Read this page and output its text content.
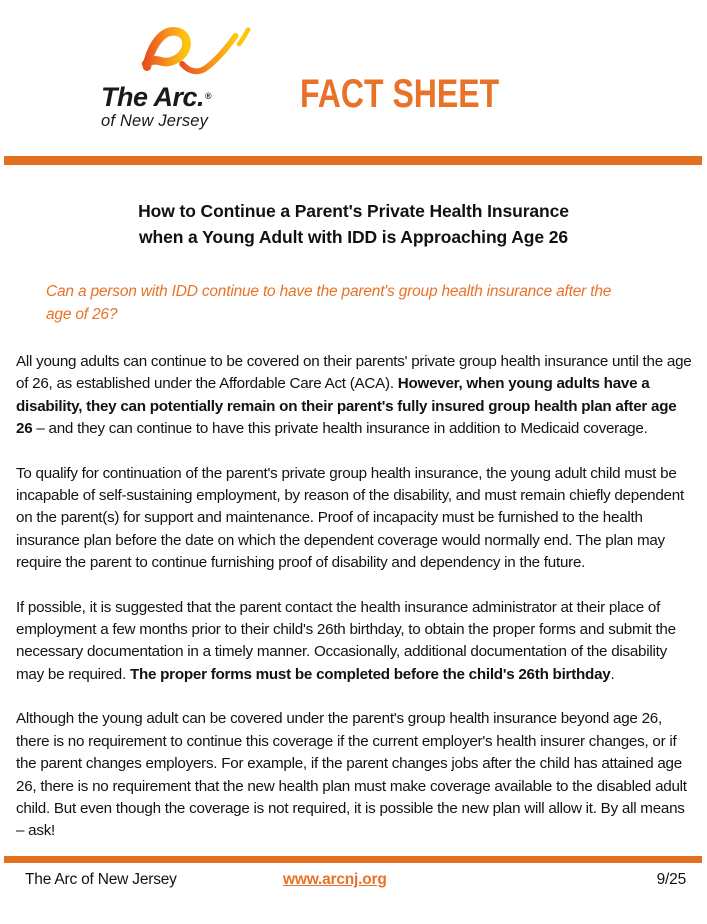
The Arc.®
of New Jersey
FACT SHEET
How to Continue a Parent's Private Health Insurance
when a Young Adult with IDD is Approaching Age 26

Can a person with IDD continue to have the parent's group health insurance after the age of 26?

All young adults can continue to be covered on their parents' private group health insurance until the age of 26, as established under the Affordable Care Act (ACA). However, when young adults have a disability, they can potentially remain on their parent's fully insured group health plan after age 26 – and they can continue to have this private health insurance in addition to Medicaid coverage.

To qualify for continuation of the parent's private group health insurance, the young adult child must be incapable of self-sustaining employment, by reason of the disability, and must remain chiefly dependent on the parent(s) for support and maintenance. Proof of incapacity must be furnished to the health insurance plan before the date on which the dependent coverage would normally end. The plan may require the parent to continue furnishing proof of disability and dependency in the future.

If possible, it is suggested that the parent contact the health insurance administrator at their place of employment a few months prior to their child's 26th birthday, to obtain the proper forms and submit the necessary documentation in a timely manner. Occasionally, additional documentation of the disability may be required. The proper forms must be completed before the child's 26th birthday.

Although the young adult can be covered under the parent's group health insurance beyond age 26, there is no requirement to continue this coverage if the current employer's health insurer changes, or if the parent changes employers. For example, if the parent changes jobs after the child has attained age 26, there is no requirement that the new health plan must make coverage available to the disabled adult child. But even though the coverage is not required, it is possible the new plan will allow it. By all means – ask!

The Arc of New Jersey	www.arcnj.org	9/25
